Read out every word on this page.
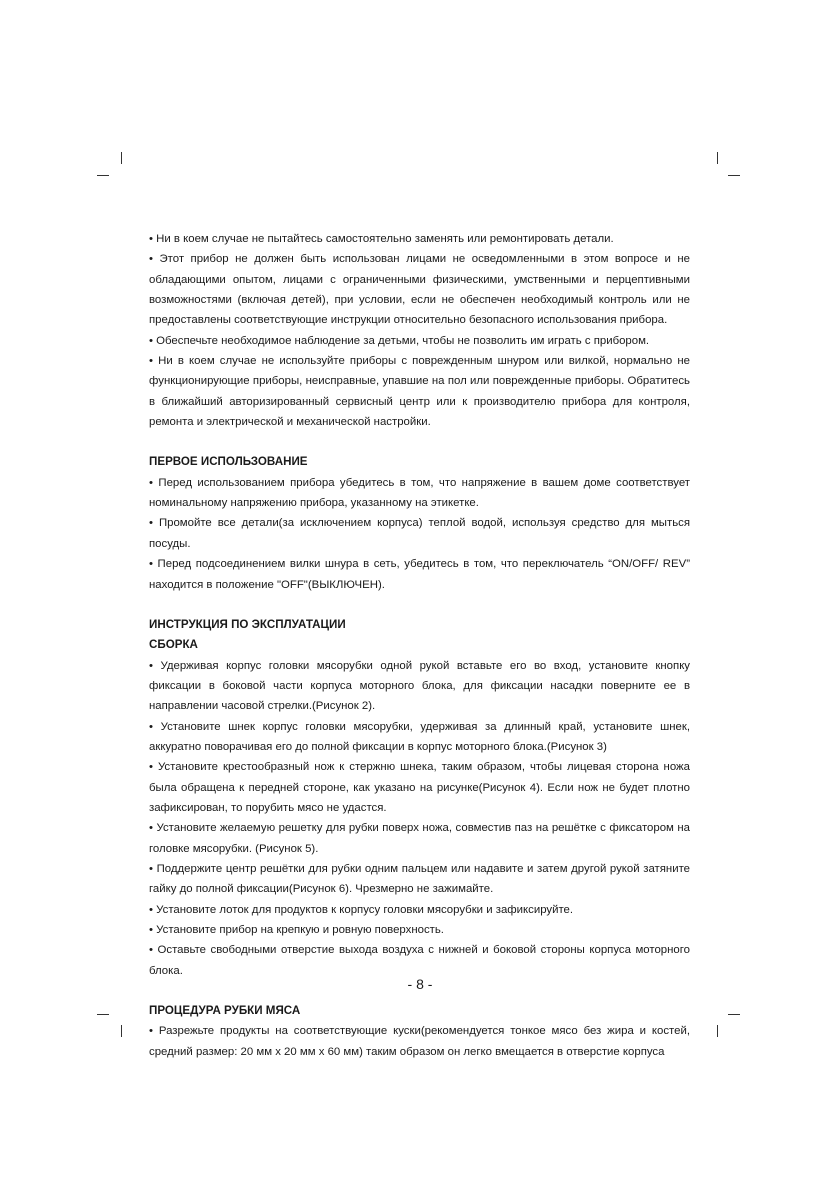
• Ни в коем случае не пытайтесь самостоятельно заменять или ремонтировать детали.

• Этот прибор не должен быть использован лицами не осведомленными в этом вопросе и не обладающими опытом, лицами с ограниченными физическими, умственными и перцептивными возможностями (включая детей), при условии, если не обеспечен необходимый контроль или не предоставлены соответствующие инструкции относительно безопасного использования прибора.

• Обеспечьте необходимое наблюдение за детьми, чтобы не позволить им играть с прибором.

• Ни в коем случае не используйте приборы с поврежденным шнуром или вилкой, нормально не функционирующие приборы, неисправные, упавшие на пол или поврежденные приборы. Обратитесь в ближайший авторизированный сервисный центр или к производителю прибора для контроля, ремонта и электрической и механической настройки.

ПЕРВОЕ ИСПОЛЬЗОВАНИЕ

• Перед использованием прибора убедитесь в том, что напряжение в вашем доме соответствует номинальному напряжению прибора, указанному на этикетке.

• Промойте все детали(за исключением корпуса) теплой водой, используя средство для мыться посуды.

• Перед подсоединением вилки шнура в сеть, убедитесь в том, что переключатель “ON/OFF/ REV” находится в положение "OFF"(ВЫКЛЮЧЕН).

ИНСТРУКЦИЯ ПО ЭКСПЛУАТАЦИИ

СБОРКА

• Удерживая корпус головки мясорубки одной рукой вставьте его во вход, установите кнопку фиксации в боковой части корпуса моторного блока, для фиксации насадки поверните ее в направлении часовой стрелки.(Рисунок 2).

• Установите шнек корпус головки мясорубки, удерживая за длинный край, установите шнек, аккуратно поворачивая его до полной фиксации в корпус моторного блока.(Рисунок 3)

• Установите крестообразный нож к стержню шнека, таким образом, чтобы лицевая сторона ножа была обращена к передней стороне, как указано на рисунке(Рисунок 4). Если нож не будет плотно зафиксирован, то порубить мясо не удастся.

• Установите желаемую решетку для рубки поверх ножа, совместив паз на решётке с фиксатором на головке мясорубки. (Рисунок 5).

• Поддержите центр решётки для рубки одним пальцем или надавите и затем другой рукой затяните гайку до полной фиксации(Рисунок 6). Чрезмерно не зажимайте.

• Установите лоток для продуктов к корпусу головки мясорубки и зафиксируйте.

• Установите прибор на крепкую и ровную поверхность.

• Оставьте свободными отверстие выхода воздуха с нижней и боковой стороны корпуса моторного блока.

ПРОЦЕДУРА РУБКИ МЯСА

• Разрежьте продукты на соответствующие куски(рекомендуется тонкое мясо без жира и костей, средний размер: 20 мм x 20 мм x 60 мм) таким образом он легко вмещается в отверстие корпуса

- 8 -
